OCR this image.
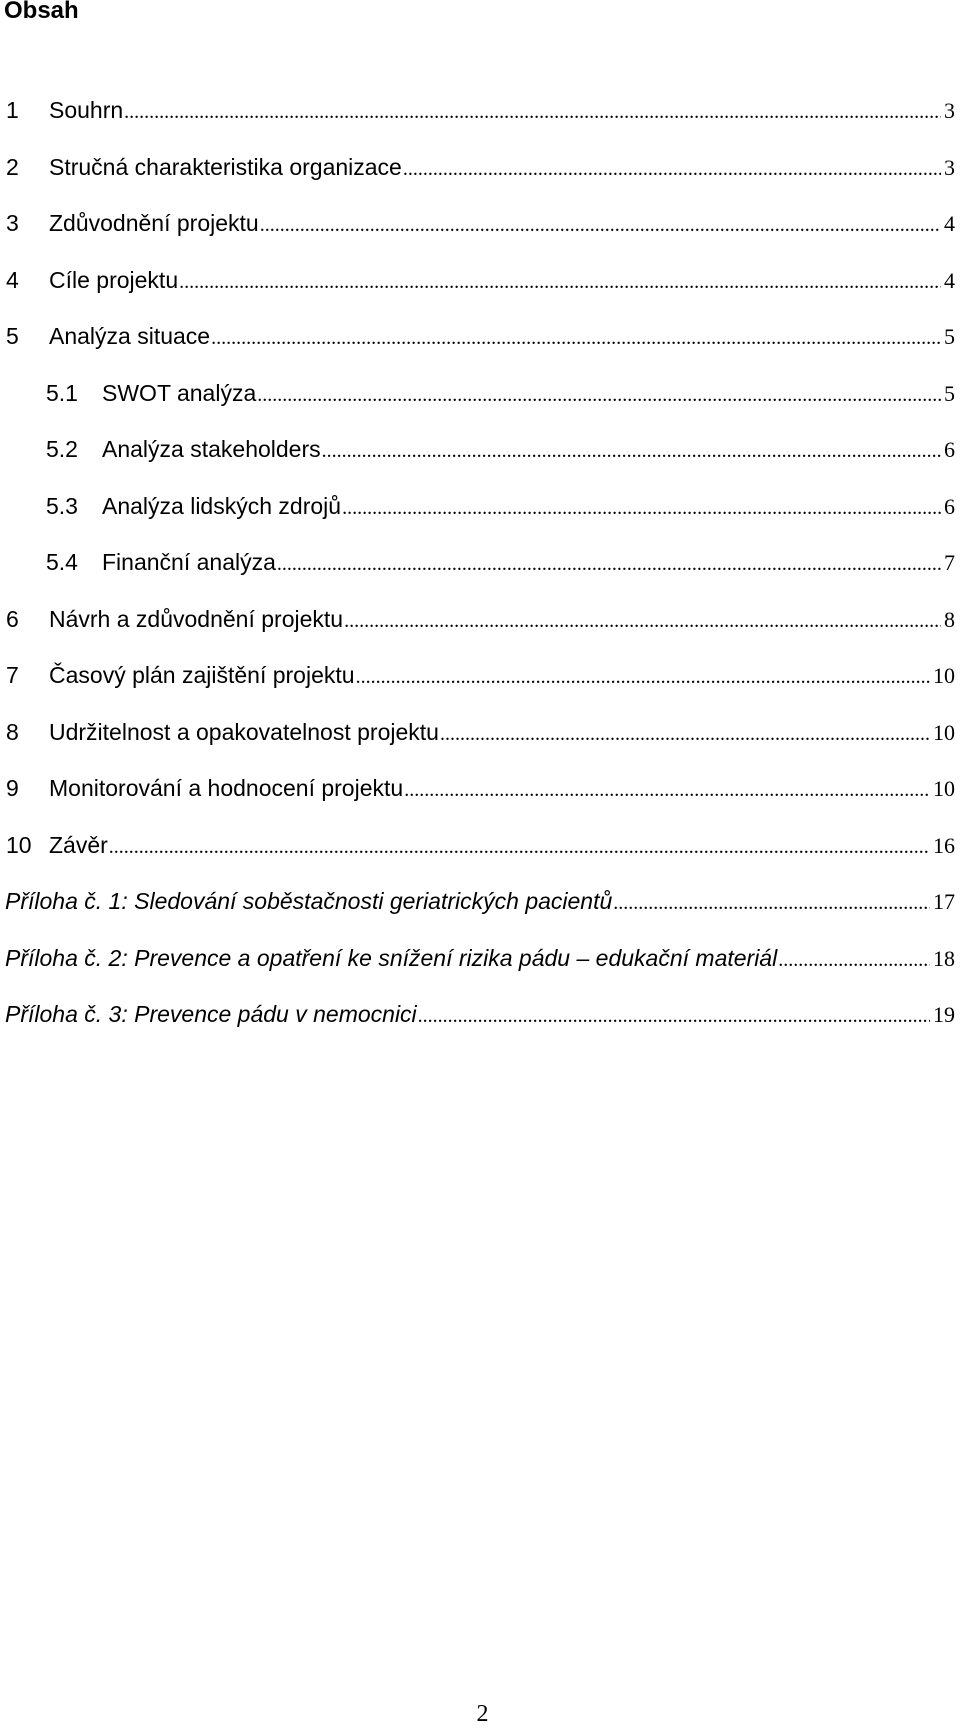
Obsah
1	Souhrn .....	3
2	Stručná charakteristika organizace .....	3
3	Zdůvodnění projektu .....	4
4	Cíle projektu .....	4
5	Analýza situace .....	5
5.1	SWOT analýza .....	5
5.2	Analýza stakeholders .....	6
5.3	Analýza lidských zdrojů .....	6
5.4	Finanční analýza .....	7
6	Návrh a zdůvodnění projektu .....	8
7	Časový plán zajištění projektu .....	10
8	Udržitelnost a opakovatelnost projektu .....	10
9	Monitorování a hodnocení projektu .....	10
10 Závěr .....	16
Příloha č. 1: Sledování soběstačnosti geriatrických pacientů .....	17
Příloha č. 2: Prevence a opatření ke snížení rizika pádu – edukační materiál .....	18
Příloha č. 3: Prevence pádu v nemocnici .....	19
2
